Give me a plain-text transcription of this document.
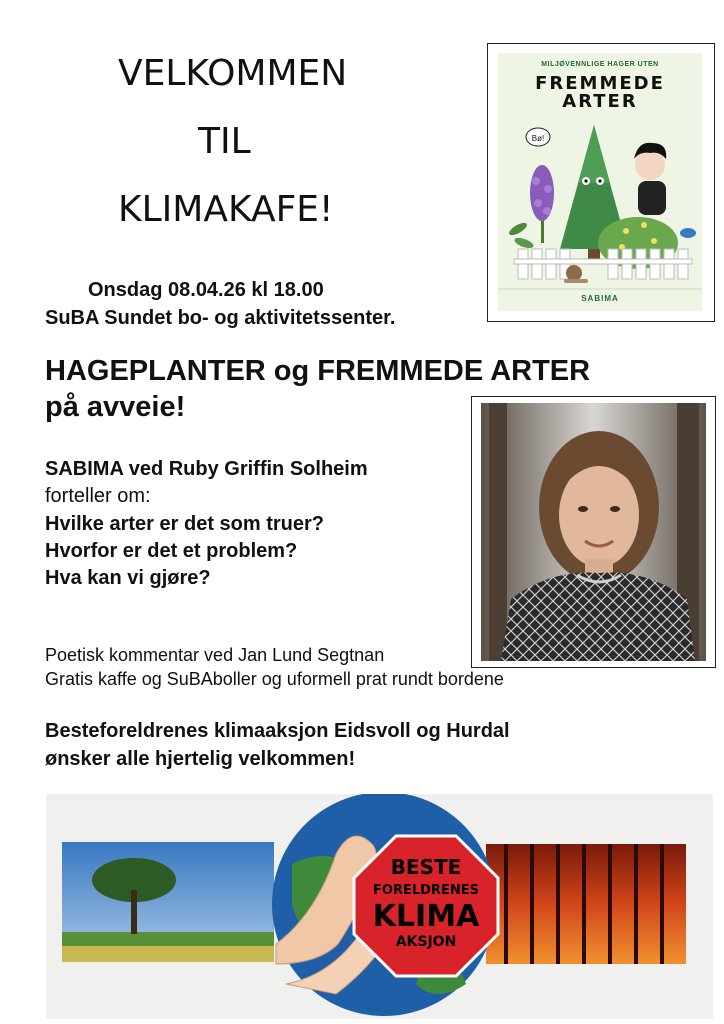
VELKOMMEN
TIL
KLIMAKAFE!
Onsdag 08.04.26 kl 18.00
SuBA Sundet bo- og aktivitetssenter.
HAGEPLANTER og FREMMEDE ARTER
på avveie!
SABIMA ved Ruby Griffin Solheim
forteller om:
Hvilke arter er det som truer?
Hvorfor er det et problem?
Hva kan vi gjøre?
Poetisk kommentar ved Jan Lund Segtnan
Gratis kaffe og SuBAboller og uformell prat rundt bordene
Besteforeldrenes klimaaksjon Eidsvoll og Hurdal
ønsker alle hjertelig velkommen!
MILJØVENNLIGE HAGER UTEN
FREMMEDE
ARTER
Bø!
SABIMA
BESTE
FORELDRENES
KLIMA
AKSJON
